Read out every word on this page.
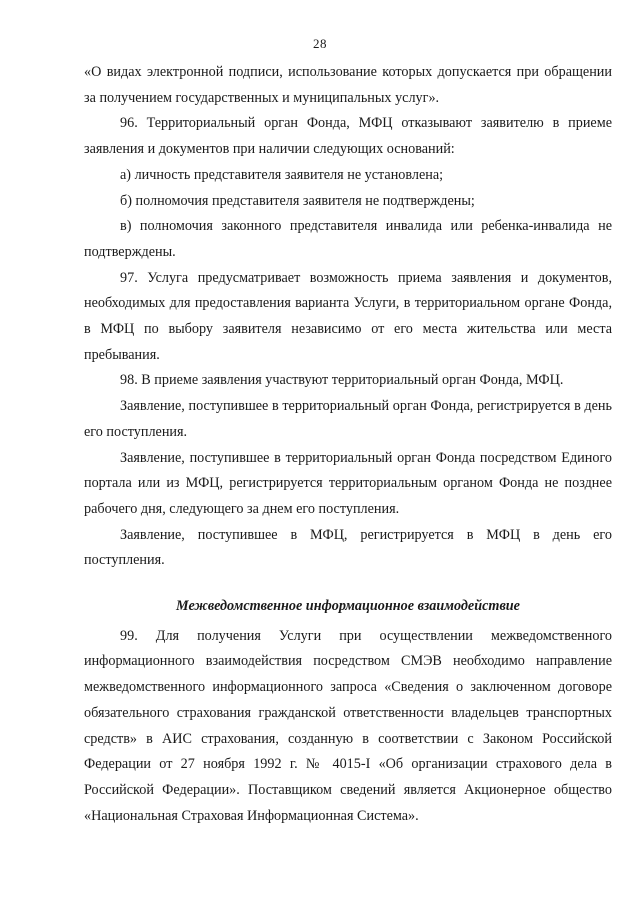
28

«О видах электронной подписи, использование которых допускается при обращении за получением государственных и муниципальных услуг».

96. Территориальный орган Фонда, МФЦ отказывают заявителю в приеме заявления и документов при наличии следующих оснований:

а) личность представителя заявителя не установлена;

б) полномочия представителя заявителя не подтверждены;

в) полномочия законного представителя инвалида или ребенка-инвалида не подтверждены.

97. Услуга предусматривает возможность приема заявления и документов, необходимых для предоставления варианта Услуги, в территориальном органе Фонда, в МФЦ по выбору заявителя независимо от его места жительства или места пребывания.

98. В приеме заявления участвуют территориальный орган Фонда, МФЦ.

Заявление, поступившее в территориальный орган Фонда, регистрируется в день его поступления.

Заявление, поступившее в территориальный орган Фонда посредством Единого портала или из МФЦ, регистрируется территориальным органом Фонда не позднее рабочего дня, следующего за днем его поступления.

Заявление, поступившее в МФЦ, регистрируется в МФЦ в день его поступления.

Межведомственное информационное взаимодействие

99. Для получения Услуги при осуществлении межведомственного информационного взаимодействия посредством СМЭВ необходимо направление межведомственного информационного запроса «Сведения о заключенном договоре обязательного страхования гражданской ответственности владельцев транспортных средств» в АИС страхования, созданную в соответствии с Законом Российской Федерации от 27 ноября 1992 г. № 4015-I «Об организации страхового дела в Российской Федерации». Поставщиком сведений является Акционерное общество «Национальная Страховая Информационная Система».
